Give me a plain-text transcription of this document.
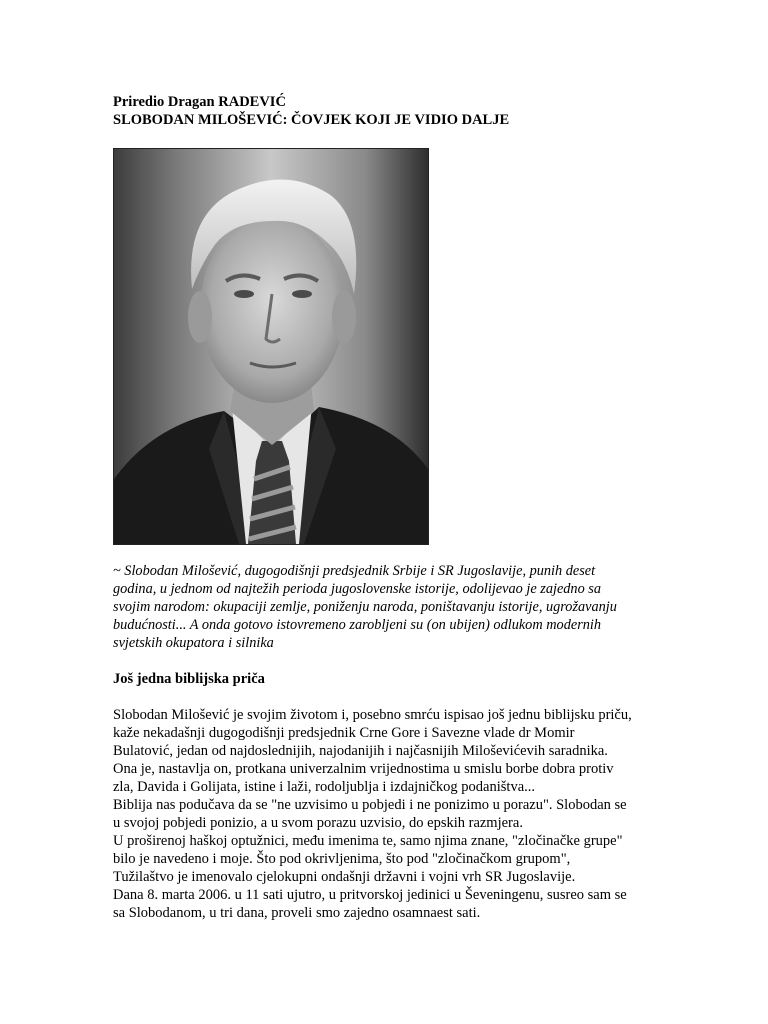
Priredio Dragan RADEVIĆ
SLOBODAN MILOŠEVIĆ: ČOVJEK KOJI JE VIDIO DALJE
~ Slobodan Milošević, dugogodišnji predsjednik Srbije i SR Jugoslavije, punih deset
godina, u jednom od najtežih perioda jugoslovenske istorije, odolijevao je zajedno sa
svojim narodom: okupaciji zemlje, poniženju naroda, poništavanju istorije, ugrožavanju
budućnosti... A onda gotovo istovremeno zarobljeni su (on ubijen) odlukom modernih
svjetskih okupatora i silnika
Još jedna biblijska priča
Slobodan Milošević je svojim životom i, posebno smrću ispisao još jednu biblijsku priču,
kaže nekadašnji dugogodišnji predsjednik Crne Gore i Savezne vlade dr Momir
Bulatović, jedan od najdoslednijih, najodanijih i najčasnijih Miloševićevih saradnika.
Ona je, nastavlja on, protkana univerzalnim vrijednostima u smislu borbe dobra protiv
zla, Davida i Golijata, istine i laži, rodoljublja i izdajničkog podaništva...
Biblija nas podučava da se "ne uzvisimo u pobjedi i ne ponizimo u porazu". Slobodan se
u svojoj pobjedi ponizio, a u svom porazu uzvisio, do epskih razmjera.
U proširenoj haškoj optužnici, među imenima te, samo njima znane, "zločinačke grupe"
bilo je navedeno i moje. Što pod okrivljenima, što pod "zločinačkom grupom",
Tužilaštvo je imenovalo cjelokupni ondašnji državni i vojni vrh SR Jugoslavije.
Dana 8. marta 2006. u 11 sati ujutro, u pritvorskoj jedinici u Ševeningenu, susreo sam se
sa Slobodanom, u tri dana, proveli smo zajedno osamnaest sati.
